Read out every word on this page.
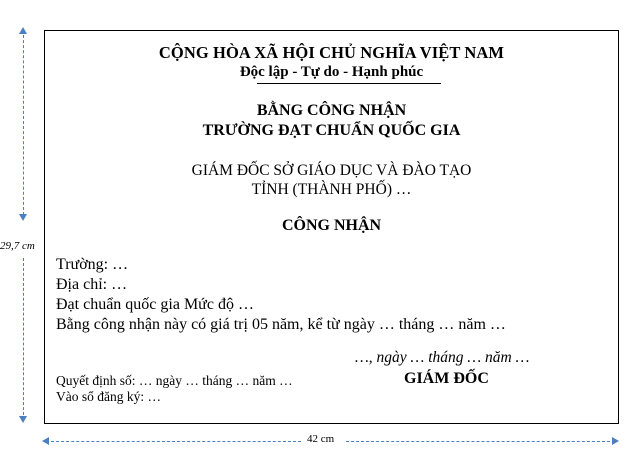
29,7 cm
CỘNG HÒA XÃ HỘI CHỦ NGHĨA VIỆT NAM
Độc lập - Tự do - Hạnh phúc
BẰNG CÔNG NHẬN
TRƯỜNG ĐẠT CHUẨN QUỐC GIA
GIÁM ĐỐC SỞ GIÁO DỤC VÀ ĐÀO TẠO
TỈNH (THÀNH PHỐ) …
CÔNG NHẬN
Trường: …
Địa chỉ: …
Đạt chuẩn quốc gia Mức độ …
Bằng công nhận này có giá trị 05 năm, kể từ ngày … tháng … năm …
…, ngày … tháng … năm …
GIÁM ĐỐC
Quyết định số: … ngày … tháng … năm …
Vào sổ đăng ký: …
42 cm
